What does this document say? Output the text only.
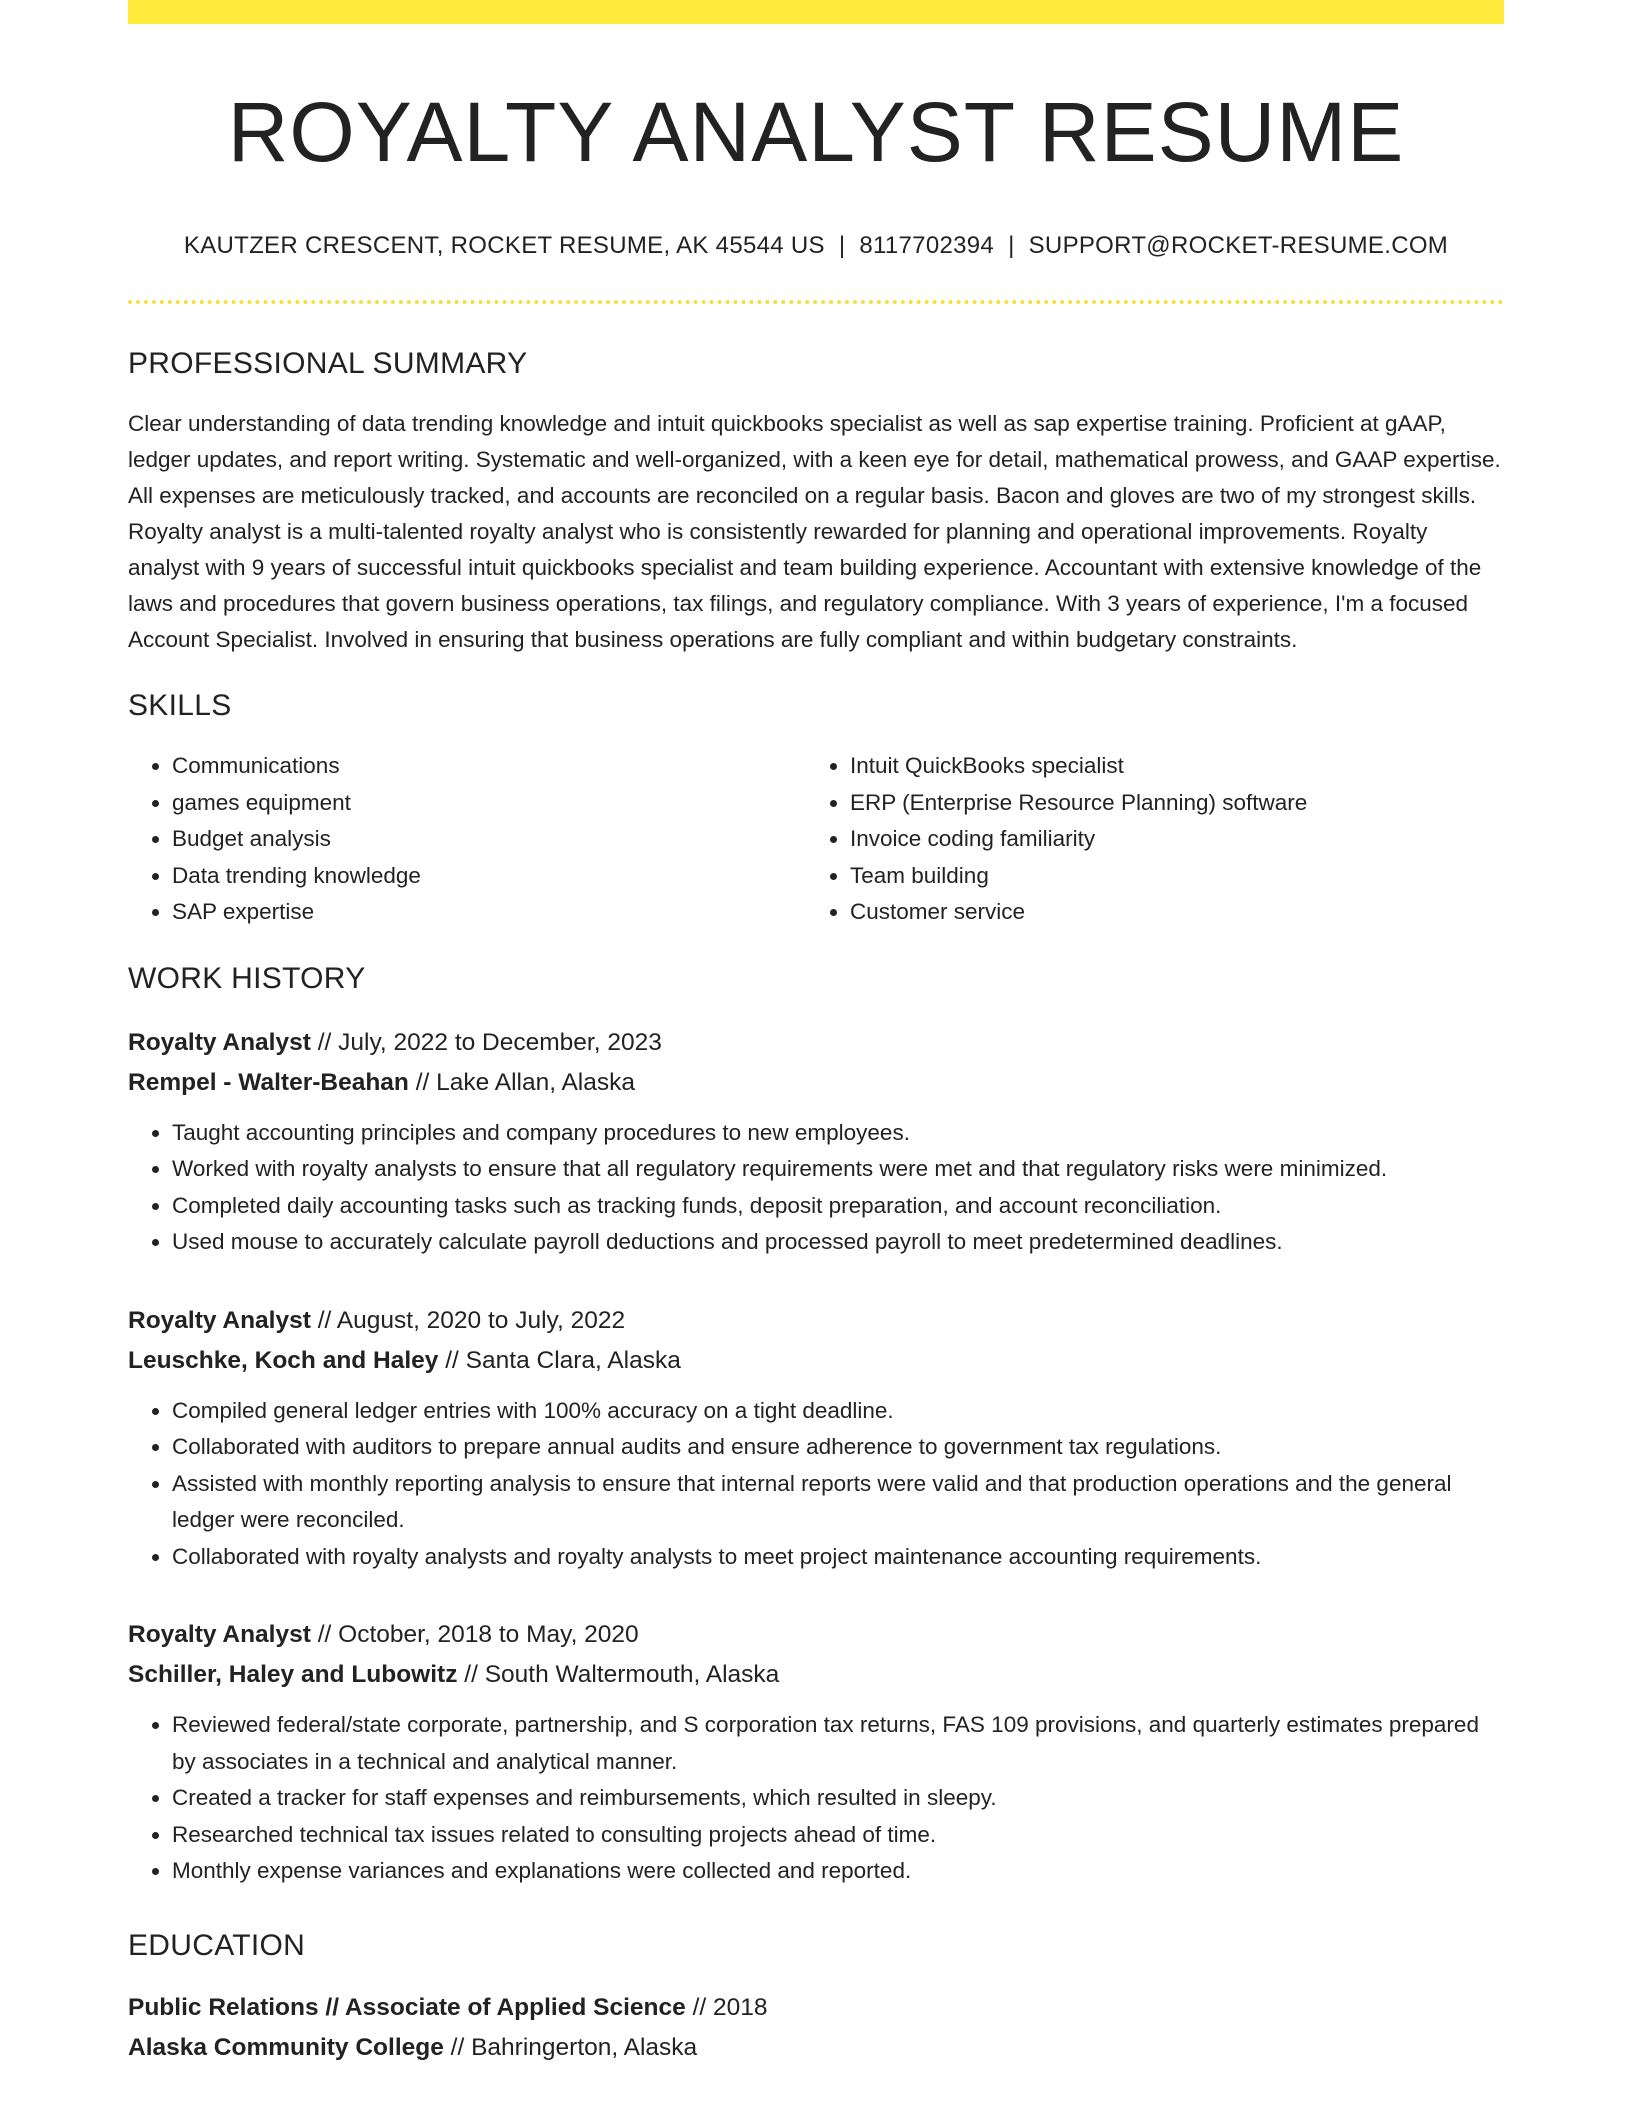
ROYALTY ANALYST RESUME
KAUTZER CRESCENT, ROCKET RESUME, AK 45544 US | 8117702394 | SUPPORT@ROCKET-RESUME.COM
PROFESSIONAL SUMMARY

Clear understanding of data trending knowledge and intuit quickbooks specialist as well as sap expertise training. Proficient at gAAP, ledger updates, and report writing. Systematic and well-organized, with a keen eye for detail, mathematical prowess, and GAAP expertise. All expenses are meticulously tracked, and accounts are reconciled on a regular basis. Bacon and gloves are two of my strongest skills. Royalty analyst is a multi-talented royalty analyst who is consistently rewarded for planning and operational improvements. Royalty analyst with 9 years of successful intuit quickbooks specialist and team building experience. Accountant with extensive knowledge of the laws and procedures that govern business operations, tax filings, and regulatory compliance. With 3 years of experience, I'm a focused Account Specialist. Involved in ensuring that business operations are fully compliant and within budgetary constraints.

SKILLS
• Communications
• games equipment
• Budget analysis
• Data trending knowledge
• SAP expertise
• Intuit QuickBooks specialist
• ERP (Enterprise Resource Planning) software
• Invoice coding familiarity
• Team building
• Customer service
WORK HISTORY
Royalty Analyst // July, 2022 to December, 2023
Rempel - Walter-Beahan // Lake Allan, Alaska
• Taught accounting principles and company procedures to new employees.
• Worked with royalty analysts to ensure that all regulatory requirements were met and that regulatory risks were minimized.
• Completed daily accounting tasks such as tracking funds, deposit preparation, and account reconciliation.
• Used mouse to accurately calculate payroll deductions and processed payroll to meet predetermined deadlines.
Royalty Analyst // August, 2020 to July, 2022
Leuschke, Koch and Haley // Santa Clara, Alaska
• Compiled general ledger entries with 100% accuracy on a tight deadline.
• Collaborated with auditors to prepare annual audits and ensure adherence to government tax regulations.
• Assisted with monthly reporting analysis to ensure that internal reports were valid and that production operations and the general ledger were reconciled.
• Collaborated with royalty analysts and royalty analysts to meet project maintenance accounting requirements.
Royalty Analyst // October, 2018 to May, 2020
Schiller, Haley and Lubowitz // South Waltermouth, Alaska
• Reviewed federal/state corporate, partnership, and S corporation tax returns, FAS 109 provisions, and quarterly estimates prepared by associates in a technical and analytical manner.
• Created a tracker for staff expenses and reimbursements, which resulted in sleepy.
• Researched technical tax issues related to consulting projects ahead of time.
• Monthly expense variances and explanations were collected and reported.
EDUCATION
Public Relations // Associate of Applied Science // 2018
Alaska Community College // Bahringerton, Alaska
